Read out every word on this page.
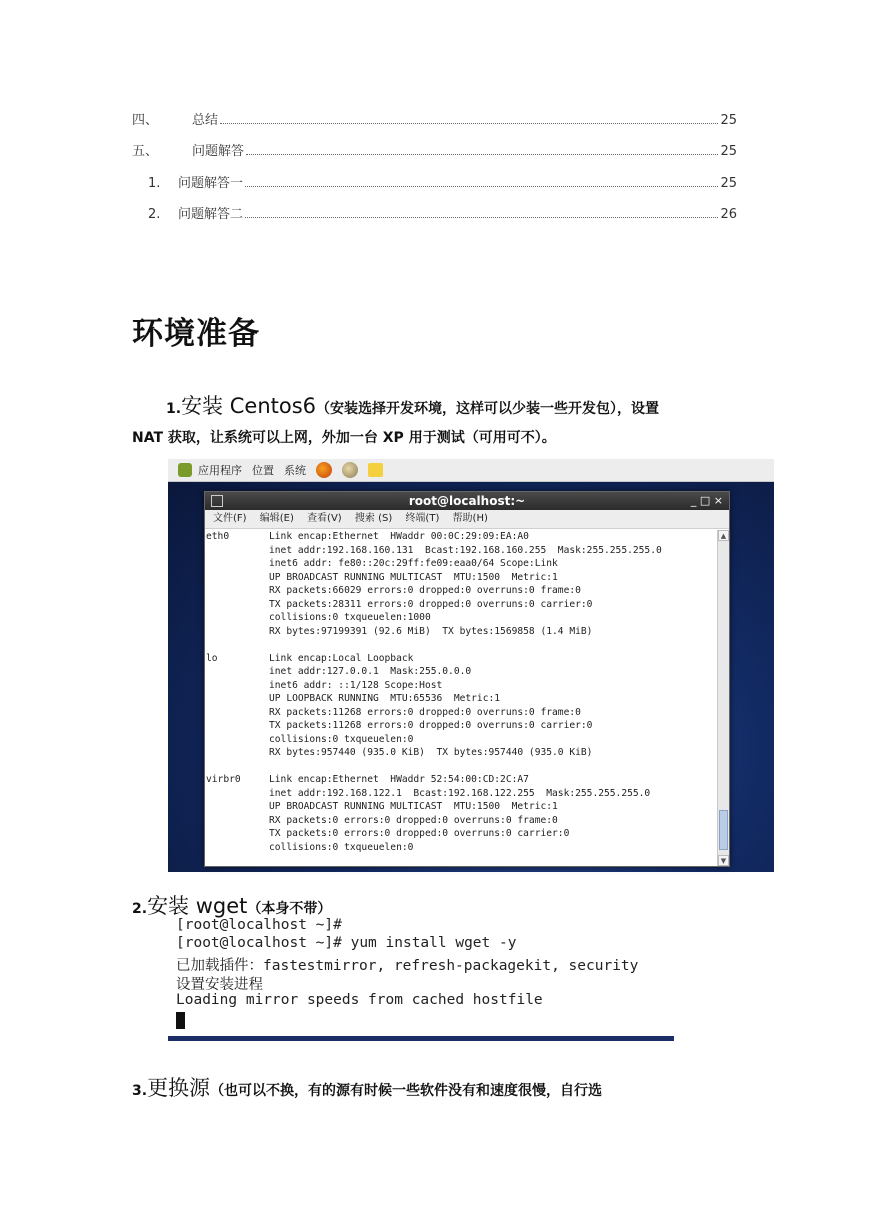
四、	总结	25
五、	问题解答	25
1.	问题解答一	25
2.	问题解答二	26
环境准备
1.安装 Centos6（安装选择开发环境，这样可以少装一些开发包），设置
NAT 获取，让系统可以上网，外加一台 XP 用于测试（可用可不）。
应用程序 位置 系统
root@localhost:~	_ □ ×
文件(F) 编辑(E) 查看(V) 搜索 (S) 终端(T) 帮助(H)
eth0	Link encap:Ethernet  HWaddr 00:0C:29:09:EA:A0
inet addr:192.168.160.131  Bcast:192.168.160.255  Mask:255.255.255.0
inet6 addr: fe80::20c:29ff:fe09:eaa0/64 Scope:Link
UP BROADCAST RUNNING MULTICAST  MTU:1500  Metric:1
RX packets:66029 errors:0 dropped:0 overruns:0 frame:0
TX packets:28311 errors:0 dropped:0 overruns:0 carrier:0
collisions:0 txqueuelen:1000
RX bytes:97199391 (92.6 MiB)  TX bytes:1569858 (1.4 MiB)
lo	Link encap:Local Loopback
inet addr:127.0.0.1  Mask:255.0.0.0
inet6 addr: ::1/128 Scope:Host
UP LOOPBACK RUNNING  MTU:65536  Metric:1
RX packets:11268 errors:0 dropped:0 overruns:0 frame:0
TX packets:11268 errors:0 dropped:0 overruns:0 carrier:0
collisions:0 txqueuelen:0
RX bytes:957440 (935.0 KiB)  TX bytes:957440 (935.0 KiB)
virbr0	Link encap:Ethernet  HWaddr 52:54:00:CD:2C:A7
inet addr:192.168.122.1  Bcast:192.168.122.255  Mask:255.255.255.0
UP BROADCAST RUNNING MULTICAST  MTU:1500  Metric:1
RX packets:0 errors:0 dropped:0 overruns:0 frame:0
TX packets:0 errors:0 dropped:0 overruns:0 carrier:0
collisions:0 txqueuelen:0
▲
▼
2.安装 wget（本身不带）
[root@localhost ~]#
[root@localhost ~]# yum install wget -y
已加载插件：fastestmirror, refresh-packagekit, security
设置安装进程
Loading mirror speeds from cached hostfile
3.更换源（也可以不换，有的源有时候一些软件没有和速度很慢，自行选
